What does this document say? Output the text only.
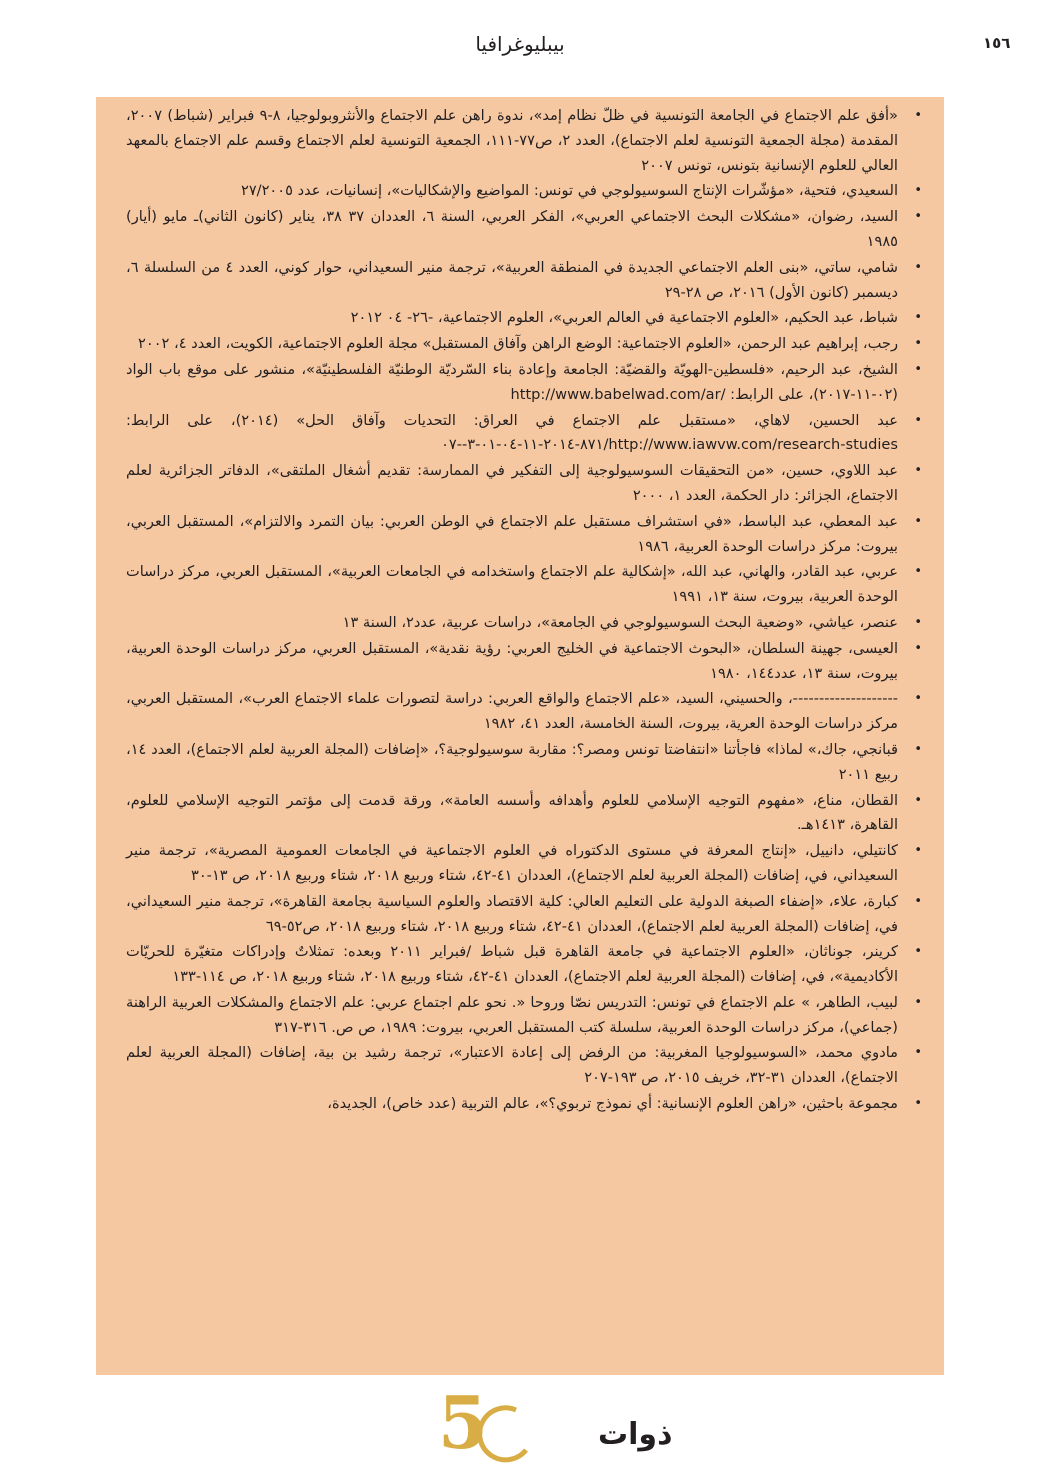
١٥٦
بيبليوغرافيا
• «أفق علم الاجتماع في الجامعة التونسية في ظلّ نظام إمد»، ندوة راهن علم الاجتماع والأنثروبولوجيا، ٨-٩ فبراير (شباط) ٢٠٠٧، المقدمة (مجلة الجمعية التونسية لعلم الاجتماع)، العدد ٢، ص٧٧-١١١، الجمعية التونسية لعلم الاجتماع وقسم علم الاجتماع بالمعهد العالي للعلوم الإنسانية بتونس، تونس ٢٠٠٧
• السعيدي، فتحية، «مؤشّرات الإنتاج السوسيولوجي في تونس: المواضيع والإشكاليات»، إنسانيات، عدد ٢٧/٢٠٠٥
• السيد، رضوان، «مشكلات البحث الاجتماعي العربي»، الفكر العربي، السنة ٦، العددان ٣٧ ٣٨، يناير (كانون الثاني)ـ مايو (أيار) ١٩٨٥
• شامي، ساتي، «بنى العلم الاجتماعي الجديدة في المنطقة العربية»، ترجمة منير السعيداني، حوار كوني، العدد ٤ من السلسلة ٦، ديسمبر (كانون الأول) ٢٠١٦، ص ٢٨-٢٩
• شباط، عبد الحكيم، «العلوم الاجتماعية في العالم العربي»، العلوم الاجتماعية، -٢٦- ٠٤ ٢٠١٢
• رجب، إبراهيم عبد الرحمن، «العلوم الاجتماعية: الوضع الراهن وآفاق المستقبل» مجلة العلوم الاجتماعية، الكويت، العدد ٤، ٢٠٠٢
• الشيخ، عبد الرحيم، «فلسطين-الهويّة والقضيّة: الجامعة وإعادة بناء السّرديّة الوطنيّة الفلسطينيّة»، منشور على موقع باب الواد (٠٢-١١-٢٠١٧)، على الرابط: /http://www.babelwad.com/ar
• عبد الحسين، لاهاي، «مستقبل علم الاجتماع في العراق: التحديات وآفاق الحل» (٢٠١٤)، على الرابط: http://www.iawvw.com/research-studies/٨٧١-٢٠١٤-١١-٠٤-٠١-٣--٠٧
• عبد اللاوي، حسين، «من التحقيقات السوسيولوجية إلى التفكير في الممارسة: تقديم أشغال الملتقى»، الدفاتر الجزائرية لعلم الاجتماع، الجزائر: دار الحكمة، العدد ١، ٢٠٠٠
• عبد المعطي، عبد الباسط، «في استشراف مستقبل علم الاجتماع في الوطن العربي: بيان التمرد والالتزام»، المستقبل العربي، بيروت: مركز دراسات الوحدة العربية، ١٩٨٦
• عربي، عبد القادر، والهاني، عبد الله، «إشكالية علم الاجتماع واستخدامه في الجامعات العربية»، المستقبل العربي، مركز دراسات الوحدة العربية، بيروت، سنة ١٣، ١٩٩١
• عنصر، عياشي، «وضعية البحث السوسيولوجي في الجامعة»، دراسات عربية، عدد٢، السنة ١٣
• العيسى، جهينة السلطان، «البحوث الاجتماعية في الخليج العربي: رؤية نقدية»، المستقبل العربي، مركز دراسات الوحدة العربية، بيروت، سنة ١٣، عدد١٤٤، ١٩٨٠
• --------------------، والحسيني، السيد، «علم الاجتماع والواقع العربي: دراسة لتصورات علماء الاجتماع العرب»، المستقبل العربي، مركز دراسات الوحدة العرية، بيروت، السنة الخامسة، العدد ٤١، ١٩٨٢
• قبانجي، جاك،» لماذا» فاجأتنا «انتفاضتا تونس ومصر؟: مقاربة سوسيولوجية؟، «إضافات (المجلة العربية لعلم الاجتماع)، العدد ١٤، ربيع ٢٠١١
• القطان، مناع، «مفهوم التوجيه الإسلامي للعلوم وأهدافه وأسسه العامة»، ورقة قدمت إلى مؤتمر التوجيه الإسلامي للعلوم، القاهرة، ١٤١٣هـ.
• كانتيلي، دانييل، «إنتاج المعرفة في مستوى الدكتوراه في العلوم الاجتماعية في الجامعات العمومية المصرية»، ترجمة منير السعيداني، في، إضافات (المجلة العربية لعلم الاجتماع)، العددان ٤١-٤٢، شتاء وربيع ٢٠١٨، شتاء وربيع ٢٠١٨، ص ١٣-٣٠
• كبارة، علاء، «إضفاء الصبغة الدولية على التعليم العالي: كلية الاقتصاد والعلوم السياسية بجامعة القاهرة»، ترجمة منير السعيداني، في، إضافات (المجلة العربية لعلم الاجتماع)، العددان ٤١-٤٢، شتاء وربيع ٢٠١٨، شتاء وربيع ٢٠١٨، ص٥٢-٦٩
• كرينر، جوناثان، «العلوم الاجتماعية في جامعة القاهرة قبل شباط /فبراير ٢٠١١ وبعده: تمثلاتٌ وإدراكات متغيّرة للحريّات الأكاديمية»، في، إضافات (المجلة العربية لعلم الاجتماع)، العددان ٤١-٤٢، شتاء وربيع ٢٠١٨، شتاء وربيع ٢٠١٨، ص ١١٤-١٣٣
• لبيب، الطاهر، » علم الاجتماع في تونس: التدريس نصّا وروحا «. نحو علم اجتماع عربي: علم الاجتماع والمشكلات العربية الراهنة (جماعي)، مركز دراسات الوحدة العربية، سلسلة كتب المستقبل العربي، بيروت: ١٩٨٩، ص ص. ٣١٦-٣١٧
• مادوي محمد، «السوسيولوجيا المغربية: من الرفض إلى إعادة الاعتبار»، ترجمة رشيد بن بية، إضافات (المجلة العربية لعلم الاجتماع)، العددان ٣١-٣٢، خريف ٢٠١٥، ص ١٩٣-٢٠٧
• مجموعة باحثين، «راهن العلوم الإنسانية: أي نموذج تربوي؟»، عالم التربية (عدد خاص)، الجديدة،
5	ذوات
